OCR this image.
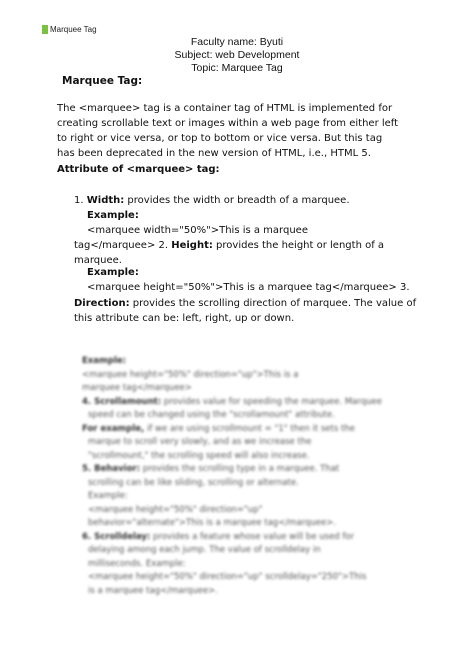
Marquee Tag
Faculty name: Byuti
Subject: web Development
Topic: Marquee Tag
Marquee Tag:
The <marquee> tag is a container tag of HTML is implemented for
creating scrollable text or images within a web page from either left
to right or vice versa, or top to bottom or vice versa. But this tag
has been deprecated in the new version of HTML, i.e., HTML 5.
Attribute of <marquee> tag:
1. Width: provides the width or breadth of a marquee.
Example:
<marquee width="50%">This is a marquee
tag</marquee> 2. Height: provides the height or length of a
marquee.
Example:
<marquee height="50%">This is a marquee tag</marquee> 3.
Direction: provides the scrolling direction of marquee. The value of
this attribute can be: left, right, up or down.

Example:

<marquee height="50%" direction="up">This is a

marquee tag</marquee>

4. Scrollamount: provides value for speeding the marquee. Marquee

speed can be changed using the "scrollamount" attribute.

For example, if we are using scrollmount = "1" then it sets the

marque to scroll very slowly, and as we increase the

"scrollmount," the scrolling speed will also increase.

5. Behavior: provides the scrolling type in a marquee. That

scrolling can be like sliding, scrolling or alternate.

Example:

<marquee height="50%" direction="up"

behavior="alternate">This is a marquee tag</marquee>.

6. Scrolldelay: provides a feature whose value will be used for

delaying among each jump. The value of scrolldelay in

milliseconds. Example:

<marquee height="50%" direction="up" scrolldelay="250">This

is a marquee tag</marquee>.
